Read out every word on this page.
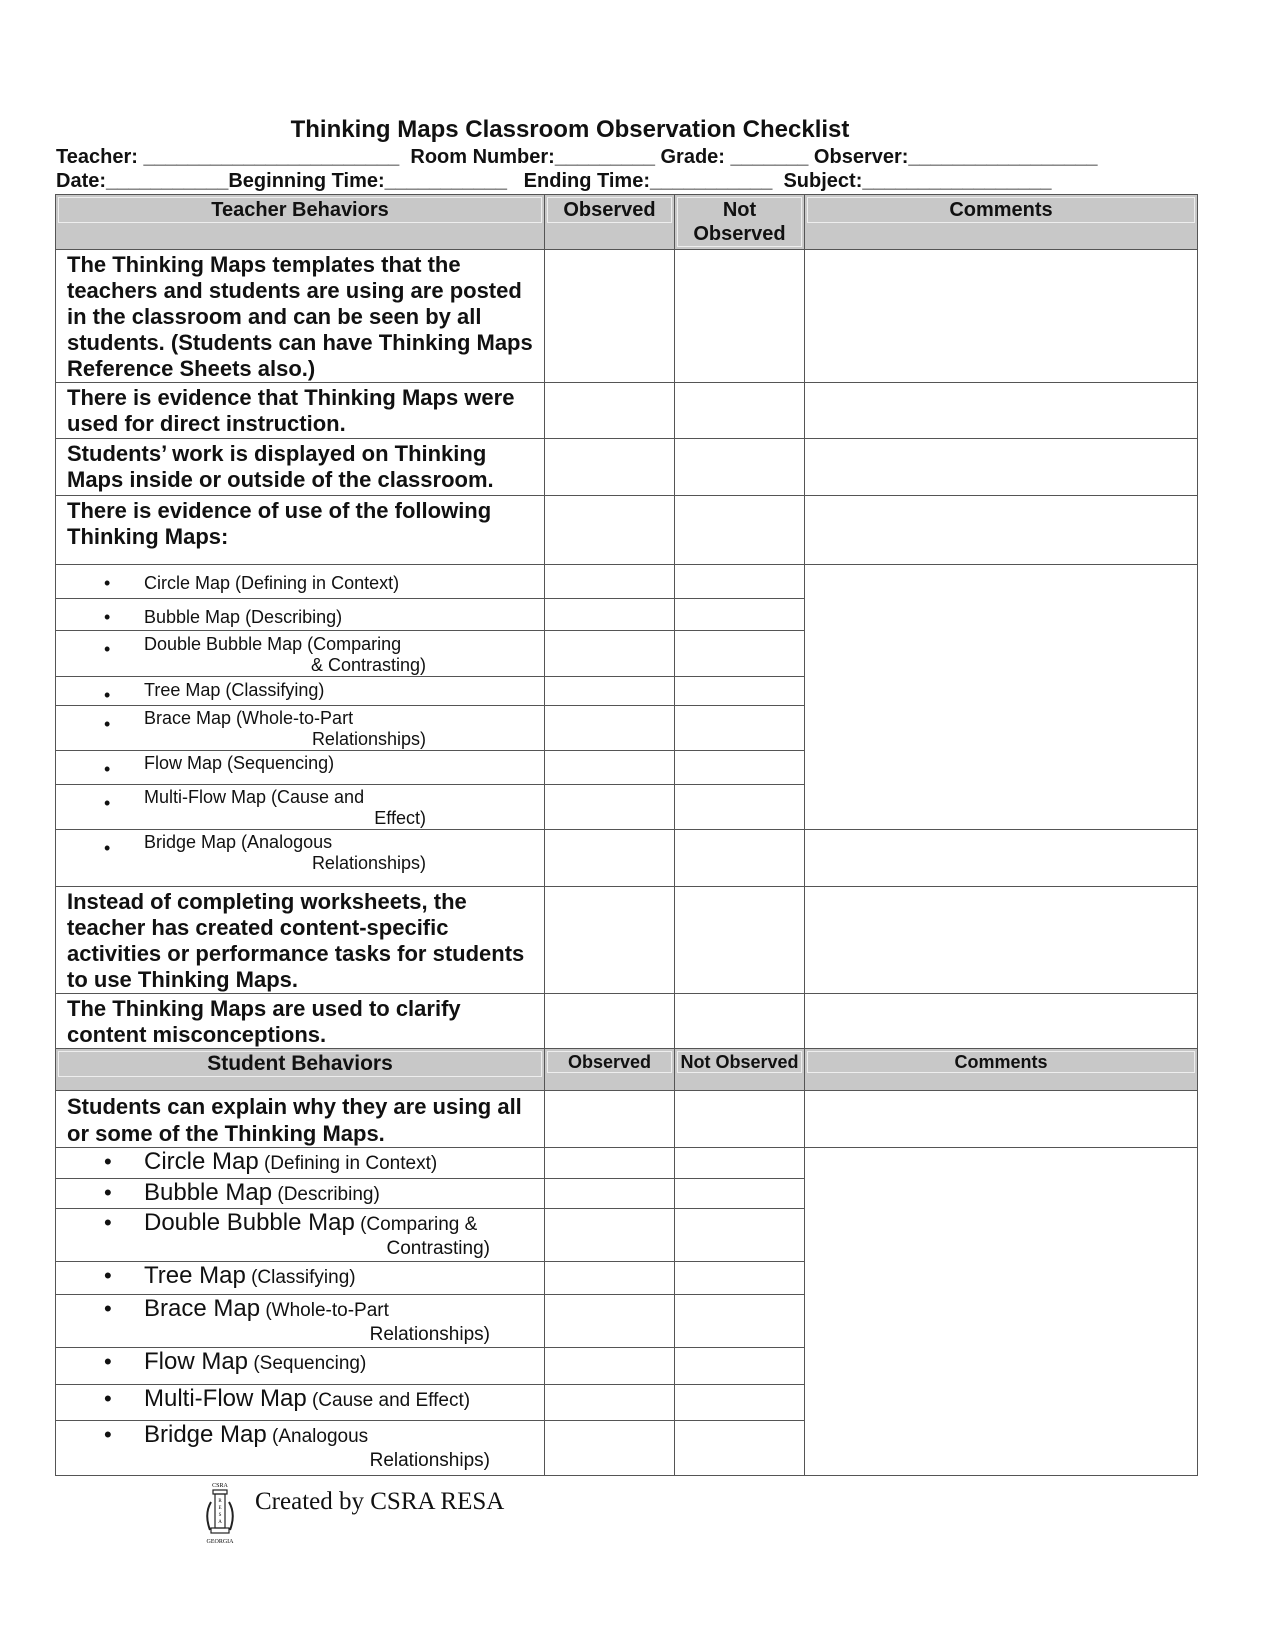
Thinking Maps Classroom Observation Checklist
Teacher: _______________________  Room Number:_________ Grade: _______ Observer:_________________
Date:___________Beginning Time:___________   Ending Time:___________  Subject:_________________
Teacher Behaviors	Observed	Not Observed	Comments

The Thinking Maps templates that the teachers and students are using are posted in the classroom and can be seen by all students. (Students can have Thinking Maps Reference Sheets also.)			
There is evidence that Thinking Maps were used for direct instruction.			
Students’ work is displayed on Thinking Maps inside or outside of the classroom.			
There is evidence of use of the following Thinking Maps:			
• Circle Map (Defining in Context)			
• Bubble Map (Describing)		
• Double Bubble Map (Comparing
& Contrasting)

• Tree Map (Classifying)		
• Brace Map (Whole-to-Part
Relationships)

• Flow Map (Sequencing)		
• Multi-Flow Map (Cause and
Effect)

• Bridge Map (Analogous
Relationships)

Instead of completing worksheets, the teacher has created content-specific activities or performance tasks for students to use Thinking Maps.			
The Thinking Maps are used to clarify content misconceptions.			

Student Behaviors	Observed	Not Observed	Comments

Students can explain why they are using all or some of the Thinking Maps.			
• Circle Map (Defining in Context)			
• Bubble Map (Describing)		
• Double Bubble Map (Comparing &
Contrasting)

• Tree Map (Classifying)		
• Brace Map (Whole-to-Part
Relationships)

• Flow Map (Sequencing)		
• Multi-Flow Map (Cause and Effect)		
• Bridge Map (Analogous
Relationships)

CSRA
R E S A
GEORGIA
Created by CSRA RESA
